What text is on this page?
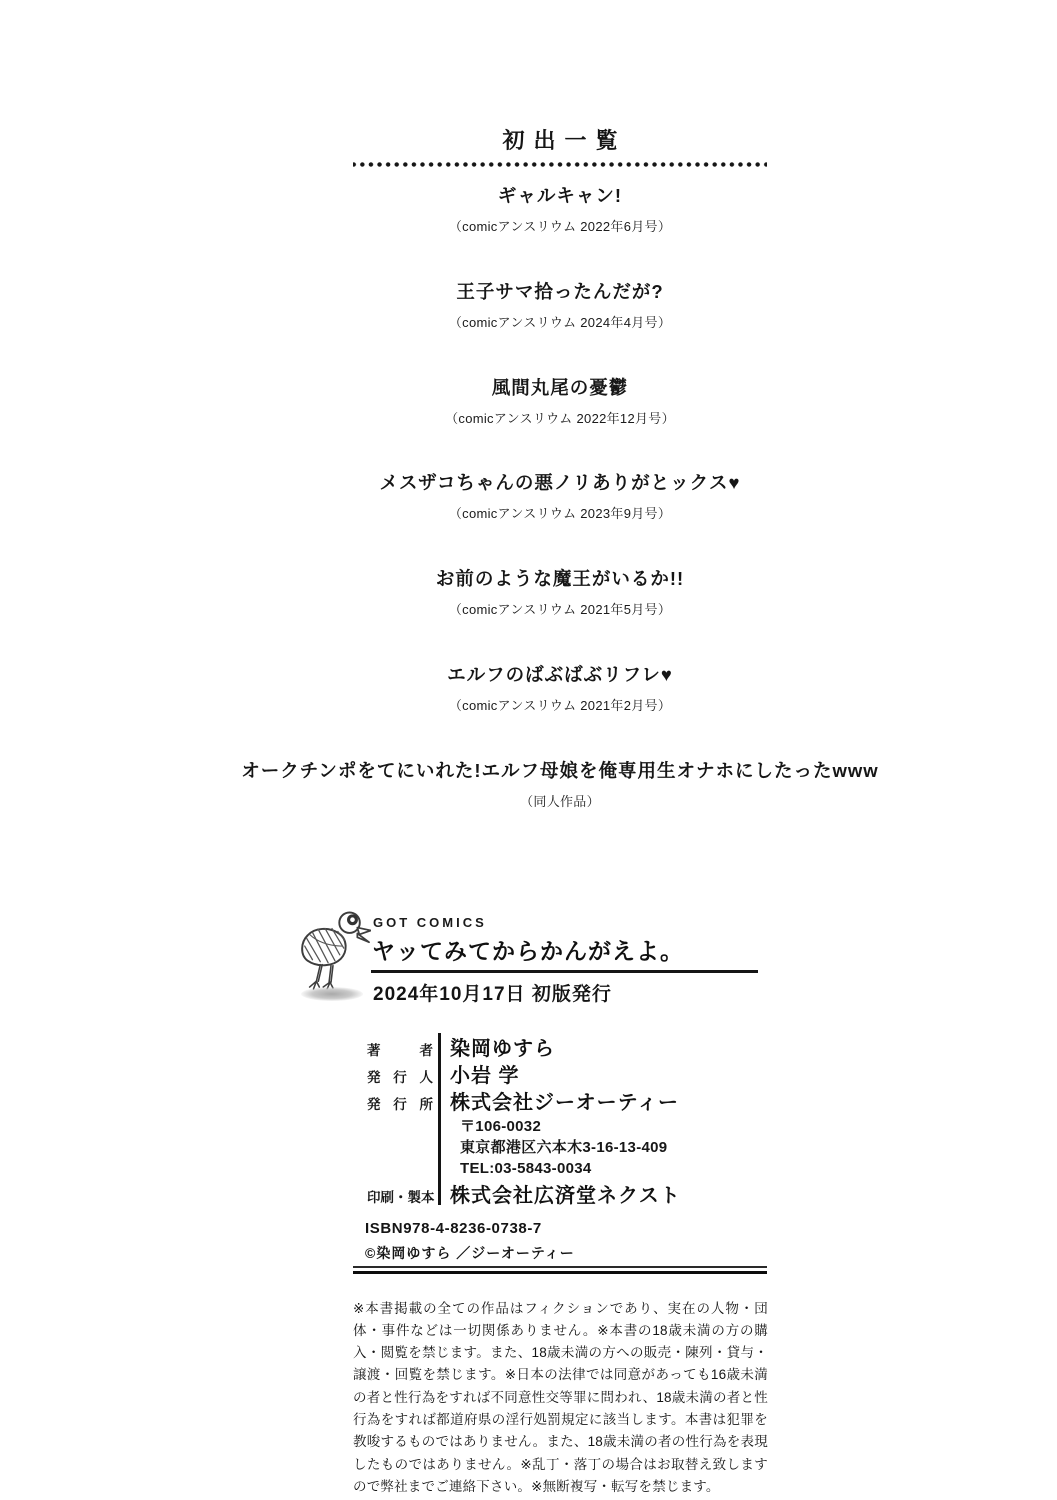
初出一覧
ギャルキャン!
（comicアンスリウム 2022年6月号）
王子サマ拾ったんだが?
（comicアンスリウム 2024年4月号）
風間丸尾の憂鬱
（comicアンスリウム 2022年12月号）
メスザコちゃんの悪ノリありがとックス♥
（comicアンスリウム 2023年9月号）
お前のような魔王がいるか!!
（comicアンスリウム 2021年5月号）
エルフのばぶばぶリフレ♥
（comicアンスリウム 2021年2月号）
オークチンポをてにいれた!エルフ母娘を俺専用生オナホにしたったwww
（同人作品）
GOT COMICS
ヤッてみてからかんがえよ。
2024年10月17日 初版発行
著者 染岡ゆすら
発行人 小岩 学
発行所 株式会社ジーオーティー
〒106-0032
東京都港区六本木3-16-13-409
TEL:03-5843-0034
印刷・製本 株式会社広済堂ネクスト
ISBN978-4-8236-0738-7
©染岡ゆすら ／ジーオーティー

※本書掲載の全ての作品はフィクションであり、実在の人物・団体・事件などは一切関係ありません。※本書の18歳未満の方の購入・閲覧を禁じます。また、18歳未満の方への販売・陳列・貸与・譲渡・回覧を禁じます。※日本の法律では同意があっても16歳未満の者と性行為をすれば不同意性交等罪に問われ、18歳未満の者と性行為をすれば都道府県の淫行処罰規定に該当します。本書は犯罪を教唆するものではありません。また、18歳未満の者の性行為を表現したものではありません。※乱丁・落丁の場合はお取替え致しますので弊社までご連絡下さい。※無断複写・転写を禁じます。
